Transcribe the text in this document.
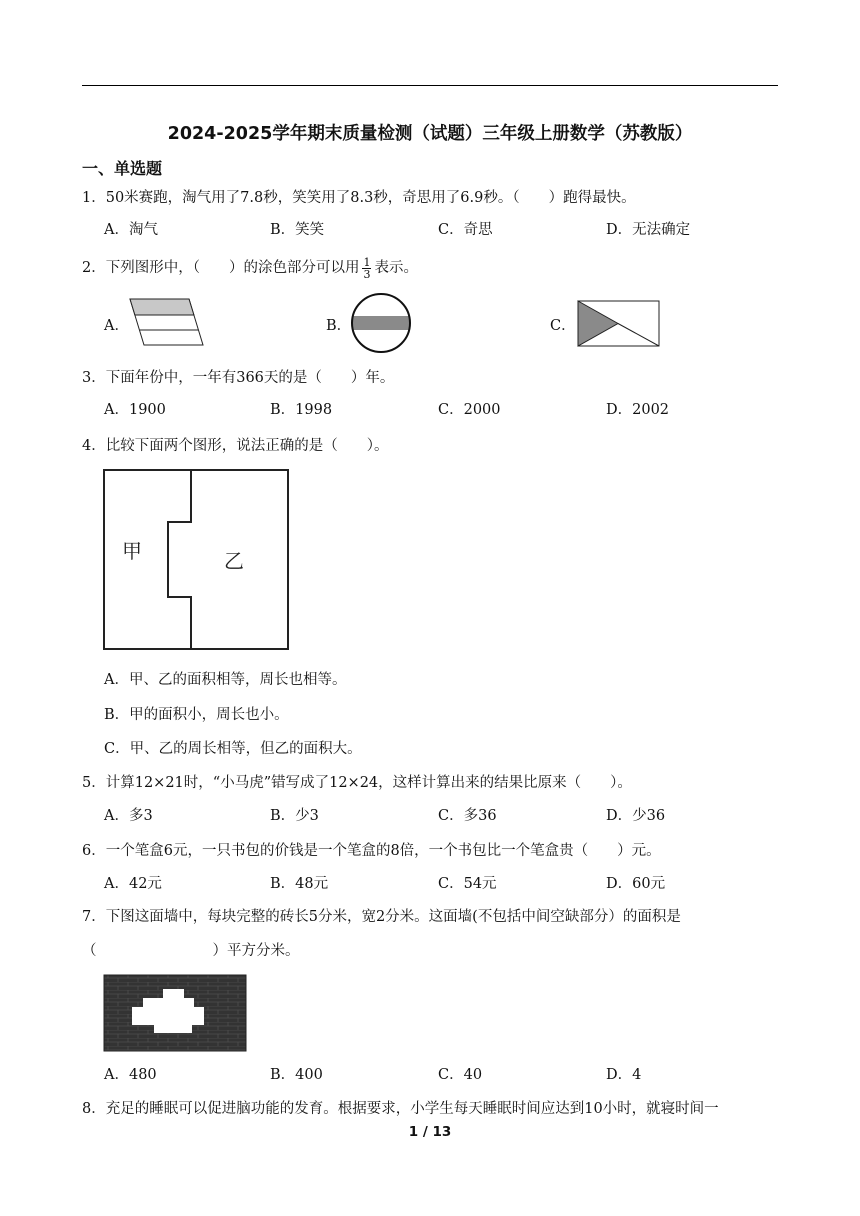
2024-2025学年期末质量检测（试题）三年级上册数学（苏教版）
一、单选题
1．50米赛跑，淘气用了7.8秒，笑笑用了8.3秒，奇思用了6.9秒。（　　）跑得最快。
A．淘气	B．笑笑	C．奇思	D．无法确定
2．下列图形中，（　　）的涂色部分可以用 $\frac{1}{3}$ 表示。
A．	B．	C．
3．下面年份中，一年有366天的是（　　）年。
A．1900	B．1998	C．2000	D．2002
4．比较下面两个图形，说法正确的是（　　）。
甲	乙
A．甲、乙的面积相等，周长也相等。
B．甲的面积小，周长也小。
C．甲、乙的周长相等，但乙的面积大。
5．计算12×21时，“小马虎”错写成了12×24，这样计算出来的结果比原来（　　）。
A．多3	B．少3	C．多36	D．少36
6．一个笔盒6元，一只书包的价钱是一个笔盒的8倍，一个书包比一个笔盒贵（　　）元。
A．42元	B．48元	C．54元	D．60元
7．下图这面墙中，每块完整的砖长5分米，宽2分米。这面墙(不包括中间空缺部分）的面积是
（　　　　　　　　）平方分米。
A．480	B．400	C．40	D．4
8．充足的睡眠可以促进脑功能的发育。根据要求，小学生每天睡眠时间应达到10小时，就寝时间一
1 / 13
